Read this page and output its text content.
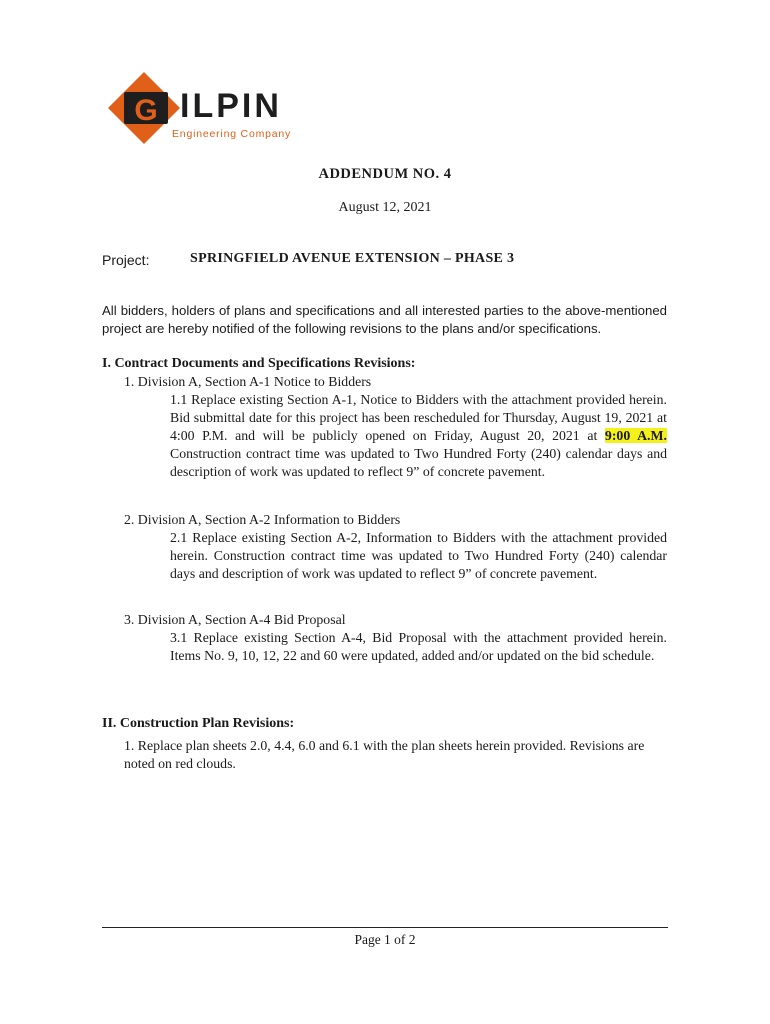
G ILPIN
Engineering Company
ADDENDUM NO. 4
August 12, 2021
Project:	SPRINGFIELD AVENUE EXTENSION – PHASE 3
All bidders, holders of plans and specifications and all interested parties to the above-mentioned project are hereby notified of the following revisions to the plans and/or specifications.
I. Contract Documents and Specifications Revisions:
1. Division A, Section A-1 Notice to Bidders
1.1 Replace existing Section A-1, Notice to Bidders with the attachment provided herein. Bid submittal date for this project has been rescheduled for Thursday, August 19, 2021 at 4:00 P.M. and will be publicly opened on Friday, August 20, 2021 at 9:00 A.M. Construction contract time was updated to Two Hundred Forty (240) calendar days and description of work was updated to reflect 9” of concrete pavement.
2. Division A, Section A-2 Information to Bidders
2.1 Replace existing Section A-2, Information to Bidders with the attachment provided herein. Construction contract time was updated to Two Hundred Forty (240) calendar days and description of work was updated to reflect 9” of concrete pavement.
3. Division A, Section A-4 Bid Proposal
3.1 Replace existing Section A-4, Bid Proposal with the attachment provided herein. Items No. 9, 10, 12, 22 and 60 were updated, added and/or updated on the bid schedule.
II. Construction Plan Revisions:
1. Replace plan sheets 2.0, 4.4, 6.0 and 6.1 with the plan sheets herein provided. Revisions are noted on red clouds.
Page 1 of 2
